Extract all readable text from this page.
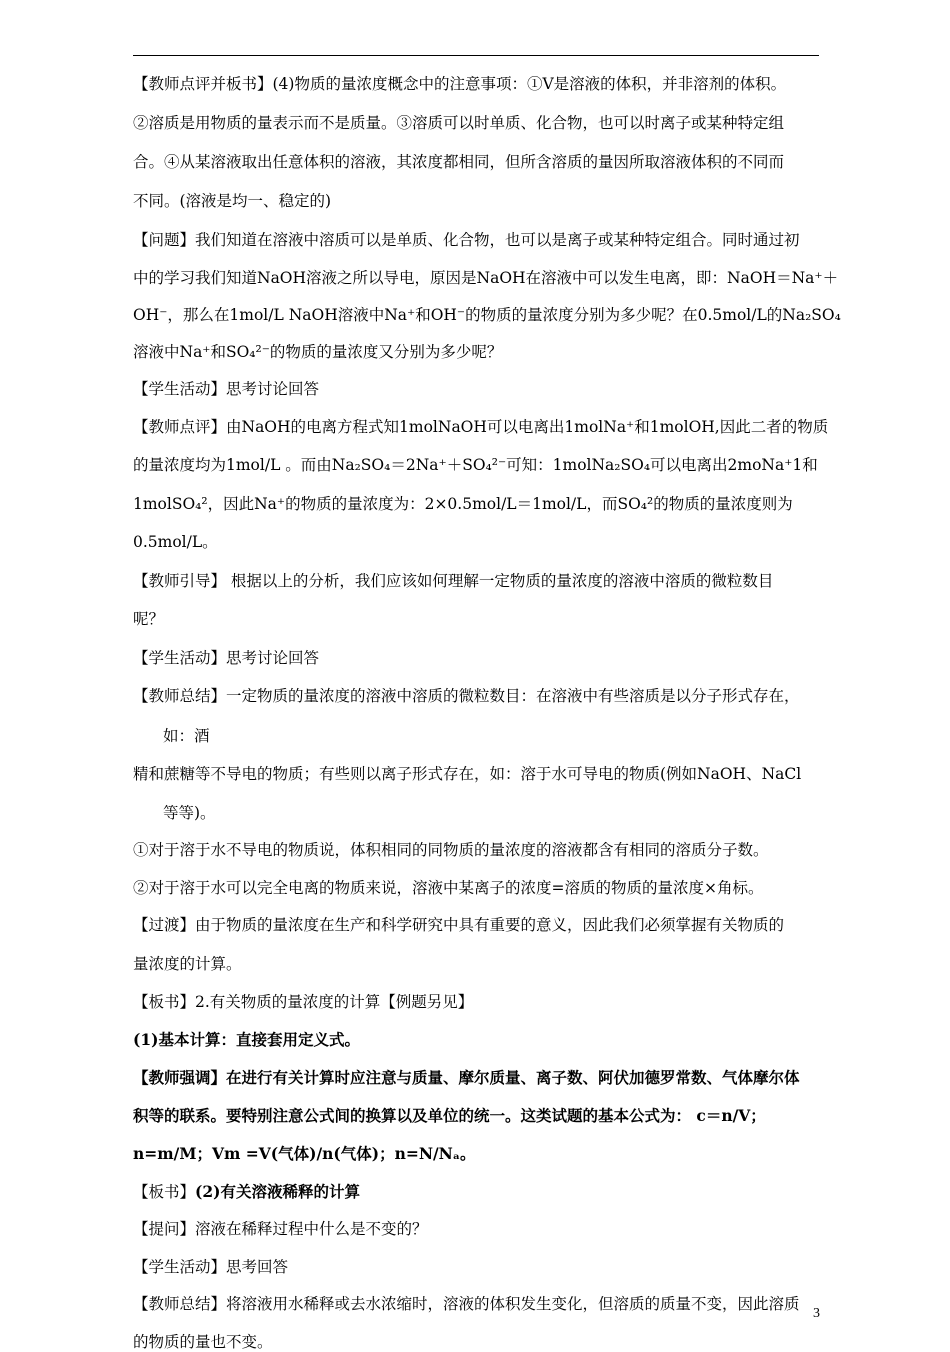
【教师点评并板书】(4)物质的量浓度概念中的注意事项：①V是溶液的体积，并非溶剂的体积。
②溶质是用物质的量表示而不是质量。③溶质可以时单质、化合物，也可以时离子或某种特定组
合。④从某溶液取出任意体积的溶液，其浓度都相同，但所含溶质的量因所取溶液体积的不同而
不同。(溶液是均一、稳定的)
【问题】我们知道在溶液中溶质可以是单质、化合物，也可以是离子或某种特定组合。同时通过初
中的学习我们知道NaOH溶液之所以导电，原因是NaOH在溶液中可以发生电离，即：NaOH＝Na⁺＋
OH⁻，那么在1mol/L NaOH溶液中Na⁺和OH⁻的物质的量浓度分别为多少呢？在0.5mol/L的Na₂SO₄
溶液中Na⁺和SO₄²⁻的物质的量浓度又分别为多少呢？
【学生活动】思考讨论回答
【教师点评】由NaOH的电离方程式知1molNaOH可以电离出1molNa⁺和1molOH,因此二者的物质
的量浓度均为1mol/L 。而由Na₂SO₄＝2Na⁺＋SO₄²⁻可知：1molNa₂SO₄可以电离出2moNa⁺1和
1molSO₄²，因此Na⁺的物质的量浓度为：2×0.5mol/L＝1mol/L，而SO₄²的物质的量浓度则为
0.5mol/L。
【教师引导】 根据以上的分析，我们应该如何理解一定物质的量浓度的溶液中溶质的微粒数目
呢？
【学生活动】思考讨论回答
【教师总结】一定物质的量浓度的溶液中溶质的微粒数目：在溶液中有些溶质是以分子形式存在，
如：酒
精和蔗糖等不导电的物质；有些则以离子形式存在，如：溶于水可导电的物质(例如NaOH、NaCl
等等)。
①对于溶于水不导电的物质说，体积相同的同物质的量浓度的溶液都含有相同的溶质分子数。
②对于溶于水可以完全电离的物质来说，溶液中某离子的浓度=溶质的物质的量浓度×角标。
【过渡】由于物质的量浓度在生产和科学研究中具有重要的意义，因此我们必须掌握有关物质的
量浓度的计算。
【板书】2.有关物质的量浓度的计算【例题另见】
(1)基本计算：直接套用定义式。
【教师强调】在进行有关计算时应注意与质量、摩尔质量、离子数、阿伏加德罗常数、气体摩尔体
积等的联系。要特别注意公式间的换算以及单位的统一。这类试题的基本公式为： c＝n/V；
n=m/M；Vm =V(气体)/n(气体)；n=N/Nₐ。
【板书】(2)有关溶液稀释的计算
【提问】溶液在稀释过程中什么是不变的？
【学生活动】思考回答
【教师总结】将溶液用水稀释或去水浓缩时，溶液的体积发生变化，但溶质的质量不变，因此溶质
的物质的量也不变。
3
